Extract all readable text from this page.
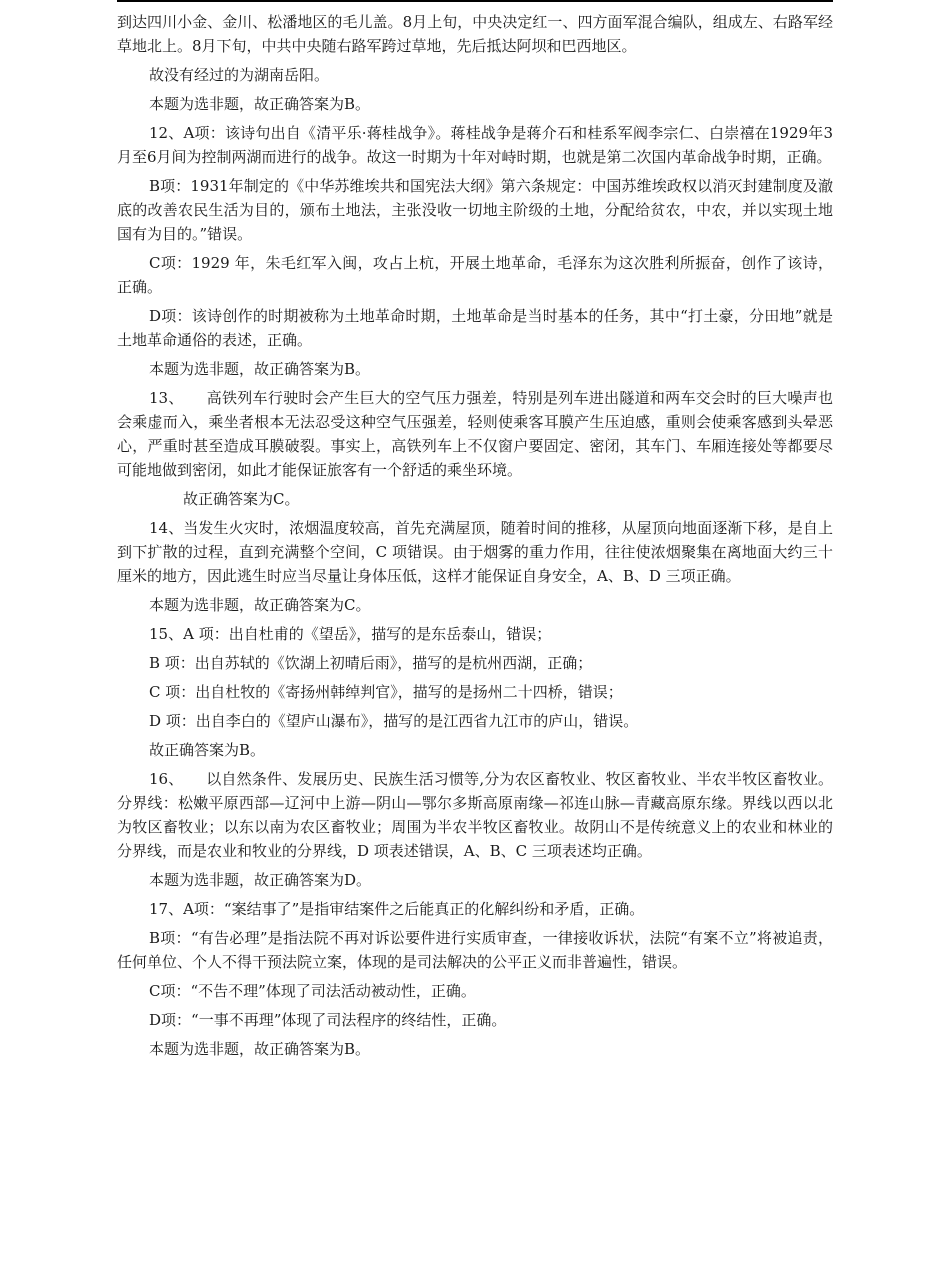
到达四川小金、金川、松潘地区的毛儿盖。8月上旬，中央决定红一、四方面军混合编队，组成左、右路军经草地北上。8月下旬，中共中央随右路军跨过草地，先后抵达阿坝和巴西地区。

故没有经过的为湖南岳阳。

本题为选非题，故正确答案为B。

12、A项：该诗句出自《清平乐·蒋桂战争》。蒋桂战争是蒋介石和桂系军阀李宗仁、白崇禧在1929年3月至6月间为控制两湖而进行的战争。故这一时期为十年对峙时期，也就是第二次国内革命战争时期，正确。

B项：1931年制定的《中华苏维埃共和国宪法大纲》第六条规定：中国苏维埃政权以消灭封建制度及澈底的改善农民生活为目的，颁布土地法，主张没收一切地主阶级的土地，分配给贫农，中农，并以实现土地国有为目的。”错误。

C项：1929 年，朱毛红军入闽，攻占上杭，开展土地革命，毛泽东为这次胜利所振奋，创作了该诗，正确。

D项：该诗创作的时期被称为土地革命时期，土地革命是当时基本的任务，其中“打土豪，分田地”就是土地革命通俗的表述，正确。

本题为选非题，故正确答案为B。

13、　　高铁列车行驶时会产生巨大的空气压力强差，特别是列车进出隧道和两车交会时的巨大噪声也会乘虚而入，乘坐者根本无法忍受这种空气压强差，轻则使乘客耳膜产生压迫感，重则会使乘客感到头晕恶心，严重时甚至造成耳膜破裂。事实上，高铁列车上不仅窗户要固定、密闭，其车门、车厢连接处等都要尽可能地做到密闭，如此才能保证旅客有一个舒适的乘坐环境。

故正确答案为C。

14、当发生火灾时，浓烟温度较高，首先充满屋顶，随着时间的推移，从屋顶向地面逐渐下移，是自上到下扩散的过程，直到充满整个空间，C 项错误。由于烟雾的重力作用，往往使浓烟聚集在离地面大约三十厘米的地方，因此逃生时应当尽量让身体压低，这样才能保证自身安全，A、B、D 三项正确。

本题为选非题，故正确答案为C。

15、A 项：出自杜甫的《望岳》，描写的是东岳泰山，错误；

B 项：出自苏轼的《饮湖上初晴后雨》，描写的是杭州西湖，正确；

C 项：出自杜牧的《寄扬州韩绰判官》，描写的是扬州二十四桥，错误；

D 项：出自李白的《望庐山瀑布》，描写的是江西省九江市的庐山，错误。

故正确答案为B。

16、　　以自然条件、发展历史、民族生活习惯等,分为农区畜牧业、牧区畜牧业、半农半牧区畜牧业。分界线：松嫩平原西部—辽河中上游—阴山—鄂尔多斯高原南缘—祁连山脉—青藏高原东缘。界线以西以北为牧区畜牧业；以东以南为农区畜牧业；周围为半农半牧区畜牧业。故阴山不是传统意义上的农业和林业的分界线，而是农业和牧业的分界线，D 项表述错误，A、B、C 三项表述均正确。

本题为选非题，故正确答案为D。

17、A项：“案结事了”是指审结案件之后能真正的化解纠纷和矛盾，正确。

B项：“有告必理”是指法院不再对诉讼要件进行实质审查，一律接收诉状，法院“有案不立”将被追责，任何单位、个人不得干预法院立案，体现的是司法解决的公平正义而非普遍性，错误。

C项：“不告不理”体现了司法活动被动性，正确。

D项：“一事不再理”体现了司法程序的终结性，正确。

本题为选非题，故正确答案为B。
